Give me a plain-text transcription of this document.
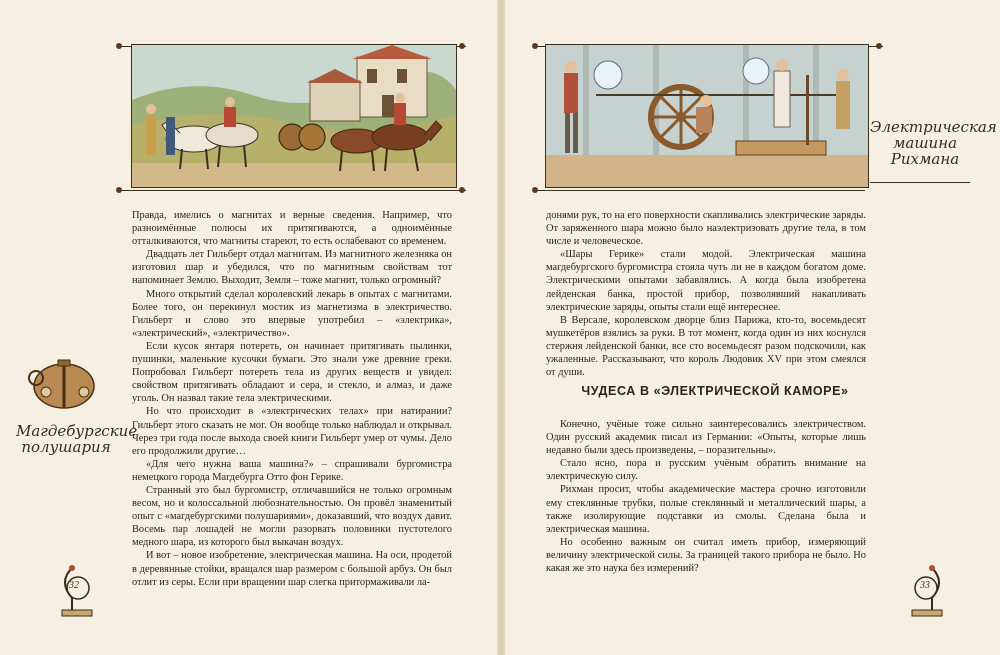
Электрическая машина Рихмана
Магдебургские полушария

Правда, имелись о магнитах и верные сведения. Например, что разноимённые полюсы их притягиваются, а одноимённые отталкиваются, что магниты стареют, то есть ослабевают со временем.

Двадцать лет Гильберт отдал магнитам. Из магнитного железняка он изготовил шар и убедился, что по магнитным свойствам тот напоминает Землю. Выходит, Земля – тоже магнит, только огромный?

Много открытий сделал королевский лекарь в опытах с магнитами. Более того, он перекинул мостик из магнетизма в электричество. Гильберт и слово это впервые употребил – «электрика», «электрический», «электричество».

Если кусок янтаря потереть, он начинает притягивать пылинки, пушинки, маленькие кусочки бумаги. Это знали уже древние греки. Попробовал Гильберт потереть тела из других веществ и увидел: свойством притягивать обладают и сера, и стекло, и алмаз, и даже уголь. Он назвал такие тела электрическими.

Но что происходит в «электрических телах» при натирании? Гильберт этого сказать не мог. Он вообще только наблюдал и открывал. Через три года после выхода своей книги Гильберт умер от чумы. Дело его продолжили другие…

«Для чего нужна ваша машина?» – спрашивали бургомистра немецкого города Магдебурга Отто фон Герике.

Странный это был бургомистр, отличавшийся не только огромным весом, но и колоссальной любознательностью. Он провёл знаменитый опыт с «магдебургскими полушариями», доказавший, что воздух давит. Восемь пар лошадей не могли разорвать половинки пустотелого медного шара, из которого был выкачан воздух.

И вот – новое изобретение, электрическая машина. На оси, продетой в деревянные стойки, вращался шар размером с большой арбуз. Он был отлит из серы. Если при вращении шар слегка притормаживали ла-

донями рук, то на его поверхности скапливались электрические заряды. От заряженного шара можно было наэлектризовать другие тела, в том числе и человеческое.

«Шары Герике» стали модой. Электрическая машина магдебургского бургомистра стояла чуть ли не в каждом богатом доме. Электрическими опытами забавлялись. А когда была изобретена лейденская банка, простой прибор, позволявший накапливать электрические заряды, опыты стали ещё интереснее.

В Версале, королевском дворце близ Парижа, кто-то, восемьдесят мушкетёров взялись за руки. В тот момент, когда один из них коснулся стержня лейденской банки, все сто восемьдесят разом подскочили, как ужаленные. Рассказывают, что король Людовик XV при этом смеялся от души.

ЧУДЕСА В «ЭЛЕКТРИЧЕСКОЙ КАМОРЕ»

Конечно, учёные тоже сильно заинтересовались электричеством. Один русский академик писал из Германии: «Опыты, которые лишь недавно были здесь произведены, – поразительны».

Стало ясно, пора и русским учёным обратить внимание на электрическую силу.

Рихман просит, чтобы академические мастера срочно изготовили ему стеклянные трубки, полые стеклянный и металлический шары, а также изолирующие подставки из смолы. Сделана была и электрическая машина.

Но особенно важным он считал иметь прибор, измеряющий величину электрической силы. За границей такого прибора не было. Но какая же это наука без измерений?

32	33
